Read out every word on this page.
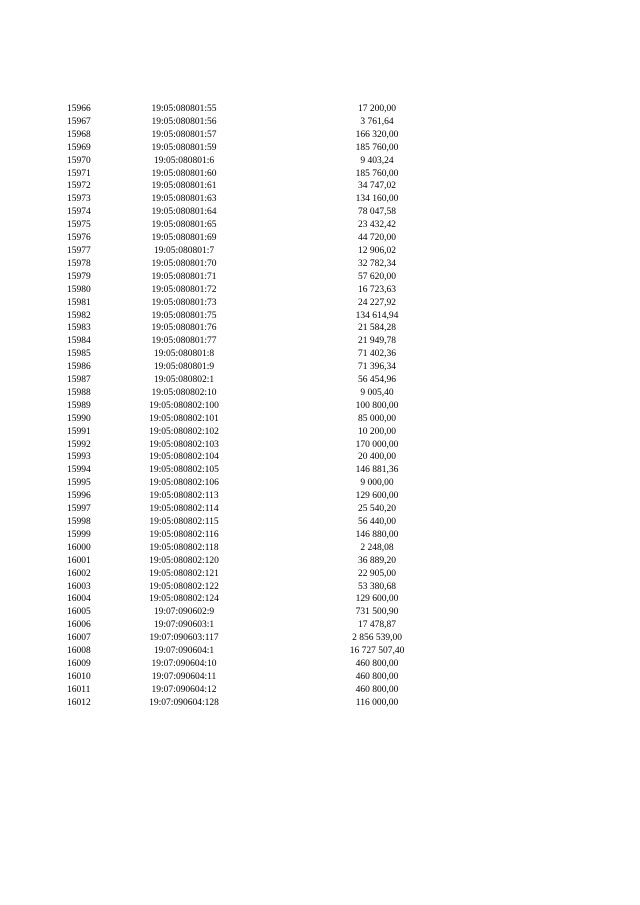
15966	19:05:080801:55	17 200,00
15967	19:05:080801:56	3 761,64
15968	19:05:080801:57	166 320,00
15969	19:05:080801:59	185 760,00
15970	19:05:080801:6	9 403,24
15971	19:05:080801:60	185 760,00
15972	19:05:080801:61	34 747,02
15973	19:05:080801:63	134 160,00
15974	19:05:080801:64	78 047,58
15975	19:05:080801:65	23 432,42
15976	19:05:080801:69	44 720,00
15977	19:05:080801:7	12 906,02
15978	19:05:080801:70	32 782,34
15979	19:05:080801:71	57 620,00
15980	19:05:080801:72	16 723,63
15981	19:05:080801:73	24 227,92
15982	19:05:080801:75	134 614,94
15983	19:05:080801:76	21 584,28
15984	19:05:080801:77	21 949,78
15985	19:05:080801:8	71 402,36
15986	19:05:080801:9	71 396,34
15987	19:05:080802:1	56 454,96
15988	19:05:080802:10	9 005,40
15989	19:05:080802:100	100 800,00
15990	19:05:080802:101	85 000,00
15991	19:05:080802:102	10 200,00
15992	19:05:080802:103	170 000,00
15993	19:05:080802:104	20 400,00
15994	19:05:080802:105	146 881,36
15995	19:05:080802:106	9 000,00
15996	19:05:080802:113	129 600,00
15997	19:05:080802:114	25 540,20
15998	19:05:080802:115	56 440,00
15999	19:05:080802:116	146 880,00
16000	19:05:080802:118	2 248,08
16001	19:05:080802:120	36 889,20
16002	19:05:080802:121	22 905,00
16003	19:05:080802:122	53 380,68
16004	19:05:080802:124	129 600,00
16005	19:07:090602:9	731 500,90
16006	19:07:090603:1	17 478,87
16007	19:07:090603:117	2 856 539,00
16008	19:07:090604:1	16 727 507,40
16009	19:07:090604:10	460 800,00
16010	19:07:090604:11	460 800,00
16011	19:07:090604:12	460 800,00
16012	19:07:090604:128	116 000,00
